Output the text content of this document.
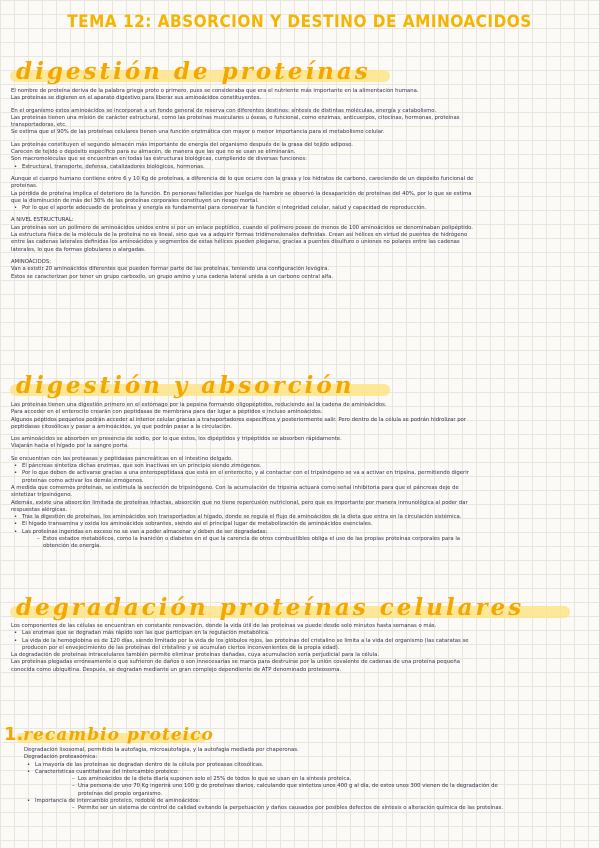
TEMA 12: ABSORCION Y DESTINO DE AMINOACIDOS
digestión de proteínas

El nombre de proteína deriva de la palabra griega proto o primero, pues se consideraba que era el nutriente más importante en la alimentación humana.

Las proteínas se digieren en el aparato digestivo para liberar sus aminoácidos constituyentes.

En el organismo estos aminoácidos se incorporan a un fondo general de reserva con diferentes destinos: síntesis de distintas moléculas, energía y catabolismo.

Las proteínas tienen una misión de carácter estructural, como las proteínas musculares u óseas, o funcional, como enzimas, anticuerpos, citocinas, hormonas, proteínas

transportadoras, etc.

Se estima que el 90% de las proteínas celulares tienen una función enzimática con mayor o menor importancia para el metabolismo celular.

Las proteínas constituyen el segundo almacén más importante de energía del organismo después de la grasa del tejido adiposo.

Carecen de tejido o depósito específico para su almacén, de manera que las que no se usan se eliminarán.

Son macromoléculas que se encuentran en todas las estructuras biológicas, cumpliendo de diversas funciones:

• Estructural, transporte, defensa, catalizadores biológicos, hormonas.

Aunque el cuerpo humano contiene entre 6 y 10 Kg de proteínas, a diferencia de lo que ocurre con la grasa y los hidratos de carbono, careciendo de un depósito funcional de

proteínas.

La pérdida de proteína implica el deterioro de la función. En personas fallecidas por huelga de hambre se observó la desaparición de proteínas del 40%, por lo que se estima

que la disminución de más del 30% de las proteínas corporales constituyen un riesgo mortal.

• Por lo que el aporte adecuado de proteínas y energía es fundamental para conservar la función e integridad celular, salud y capacidad de reproducción.

A NIVEL ESTRUCTURAL:

Las proteínas son un polímero de aminoácidos unidos entre sí por un enlace peptídico, cuando el polímero posee de menos de 100 aminoácidos se denominaban polipéptido.

La estructura física de la molécula de la proteína no es lineal, sino que va a adquirir formas tridimensionales definidas. Crean así hélices en virtud de puentes de hidrógeno

entre las cadenas laterales definidas los aminoácidos y segmentos de estas hélices pueden plegarse, gracias a puentes disulfuro o uniones no polares entre las cadenas

laterales, lo que da formas globulares o alargadas.

AMINOÁCIDOS:

Van a existir 20 aminoácidos diferentes que pueden formar parte de las proteínas, teniendo una configuración levógira.

Estos se caracterizan por tener un grupo carboxilo, un grupo amino y una cadena lateral unida a un carbono central alfa.

digestión y absorción

Las proteínas tienen una digestión primero en el estómago por la pepsina formando oligopéptidos, reduciendo así la cadena de aminoácidos.

Para acceder en el enterocito crearán con peptidasas de membrana para dar lugar a péptidos e incluso aminoácidos.

Algunos péptidos pequeños podrán acceder al interior celular gracias a transportadores específicos y posteriormente salir. Pero dentro de la célula se podrán hidrolizar por

peptidasas citosólicas y pasar a aminoácidos, ya que podrán pasar a la circulación.

Los aminoácidos se absorben en presencia de sodio, por lo que estos, los dipéptidos y tripéptidos se absorben rápidamente.

Viajarán hacia el hígado por la sangre porta.

Se encuentran con las proteasas y peptidasas pancreáticas en el intestino delgado.

• El páncreas sintetiza dichas enzimas, que son inactivas en un principio siendo zimógenos.

• Por lo que deben de activarse gracias a una enteropeptidasa que está en el enterocito, y al contactar con el tripsinógeno se va a activar en tripsina, permitiendo digerir

proteínas como activar los demás zimógenos.

A medida que comemos proteínas, se estimula la secreción de tripsinógeno. Con la acumulación de tripsina actuará como señal inhibitoria para que el páncreas deje de

sintetizar tripsinógeno.

Además, existe una absorción limitada de proteínas intactas, absorción que no tiene repercusión nutricional, pero que es importante por manera inmunológica al poder dar

respuestas alérgicas.

• Tras la digestión de proteínas, los aminoácidos son transportados al hígado, donde se regula el flujo de aminoácidos de la dieta que entra en la circulación sistémica.

• El hígado transamina y oxida los aminoácidos sobrantes, siendo así el principal lugar de metabolización de aminoácidos esenciales.

• Las proteínas ingeridas en exceso no se van a poder almacenar y deben de ser degradadas:

– Estos estados metabólicos, como la inanición o diabetes en el que la carencia de otros combustibles obliga el uso de las propias proteínas corporales para la

obtención de energía.

degradación proteínas celulares

Los componentes de las células se encuentran en constante renovación, donde la vida útil de las proteínas va puede desde solo minutos hasta semanas o más.

• Las enzimas que se degradan más rápido son las que participan en la regulación metabólica.

• La vida de la hemoglobina es de 120 días, siendo limitado por la vida de los glóbulos rojos, las proteínas del cristalino se limita a la vida del organismo (las cataratas se

producen por el envejecimiento de las proteínas del cristalino y se acumulan ciertos inconvenientes de la propia edad).

La degradación de proteínas intracelulares también permite eliminar proteínas dañadas, cuya acumulación sería perjudicial para la célula.

Las proteínas plegadas erróneamente o que sufrieron de daños o son innecesarias se marca para destruirse por la unión covalente de cadenas de una proteína pequeña

conocida como ubiquitina. Después, se degradan mediante un gran complejo dependiente de ATP denominado proteosoma.

1. recambio proteico

Degradación lisosomal, permitido la autofagia, microautofagia, y la autofagia mediada por chaperonas.

Degradación proteasómica:

• La mayoría de las proteínas se degradan dentro de la célula por proteasas citosólicas.

• Características cuantitativas del intercambio proteico:

– Los aminoácidos de la dieta diaria suponen solo el 25% de todos lo que se usan en la síntesis proteica.

– Una persona de uno 70 Kg ingerirá uno 100 g de proteínas diarios, calculando que sintetiza unos 400 g al día, de estos unos 300 vienen de la degradación de

proteínas del propio organismo.

• Importancia de intercambio proteico, redoblé de aminoácidos:

– Permite ser un sistema de control de calidad evitando la perpetuación y daños causados por posibles defectos de síntesis o alteración química de las proteínas.
